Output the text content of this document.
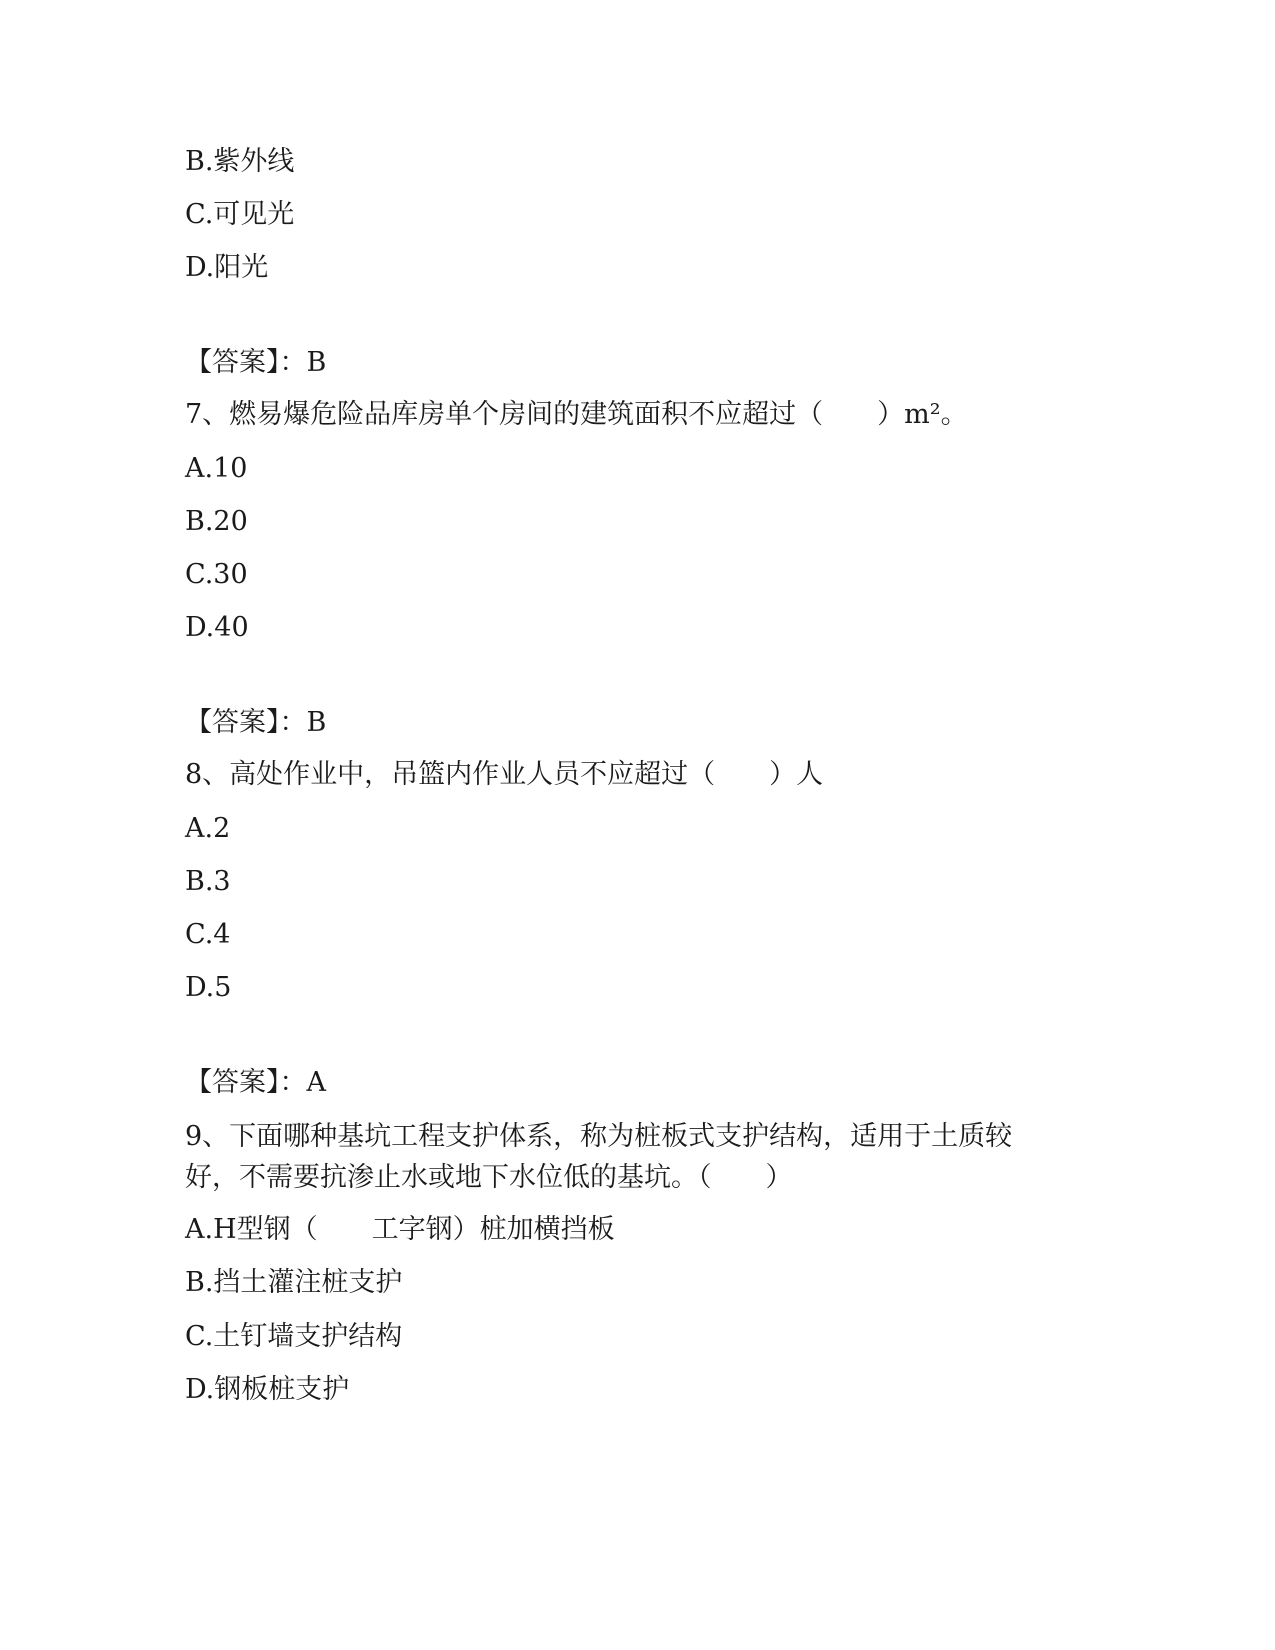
B.紫外线
C.可见光
D.阳光
【答案】：B
7、燃易爆危险品库房单个房间的建筑面积不应超过（　　）m²。
A.10
B.20
C.30
D.40
【答案】：B
8、高处作业中，吊篮内作业人员不应超过（　　）人
A.2
B.3
C.4
D.5
【答案】：A
9、下面哪种基坑工程支护体系，称为桩板式支护结构，适用于土质较
好，不需要抗渗止水或地下水位低的基坑。（　　）
A.H型钢（　　工字钢）桩加横挡板
B.挡土灌注桩支护
C.土钉墙支护结构
D.钢板桩支护
